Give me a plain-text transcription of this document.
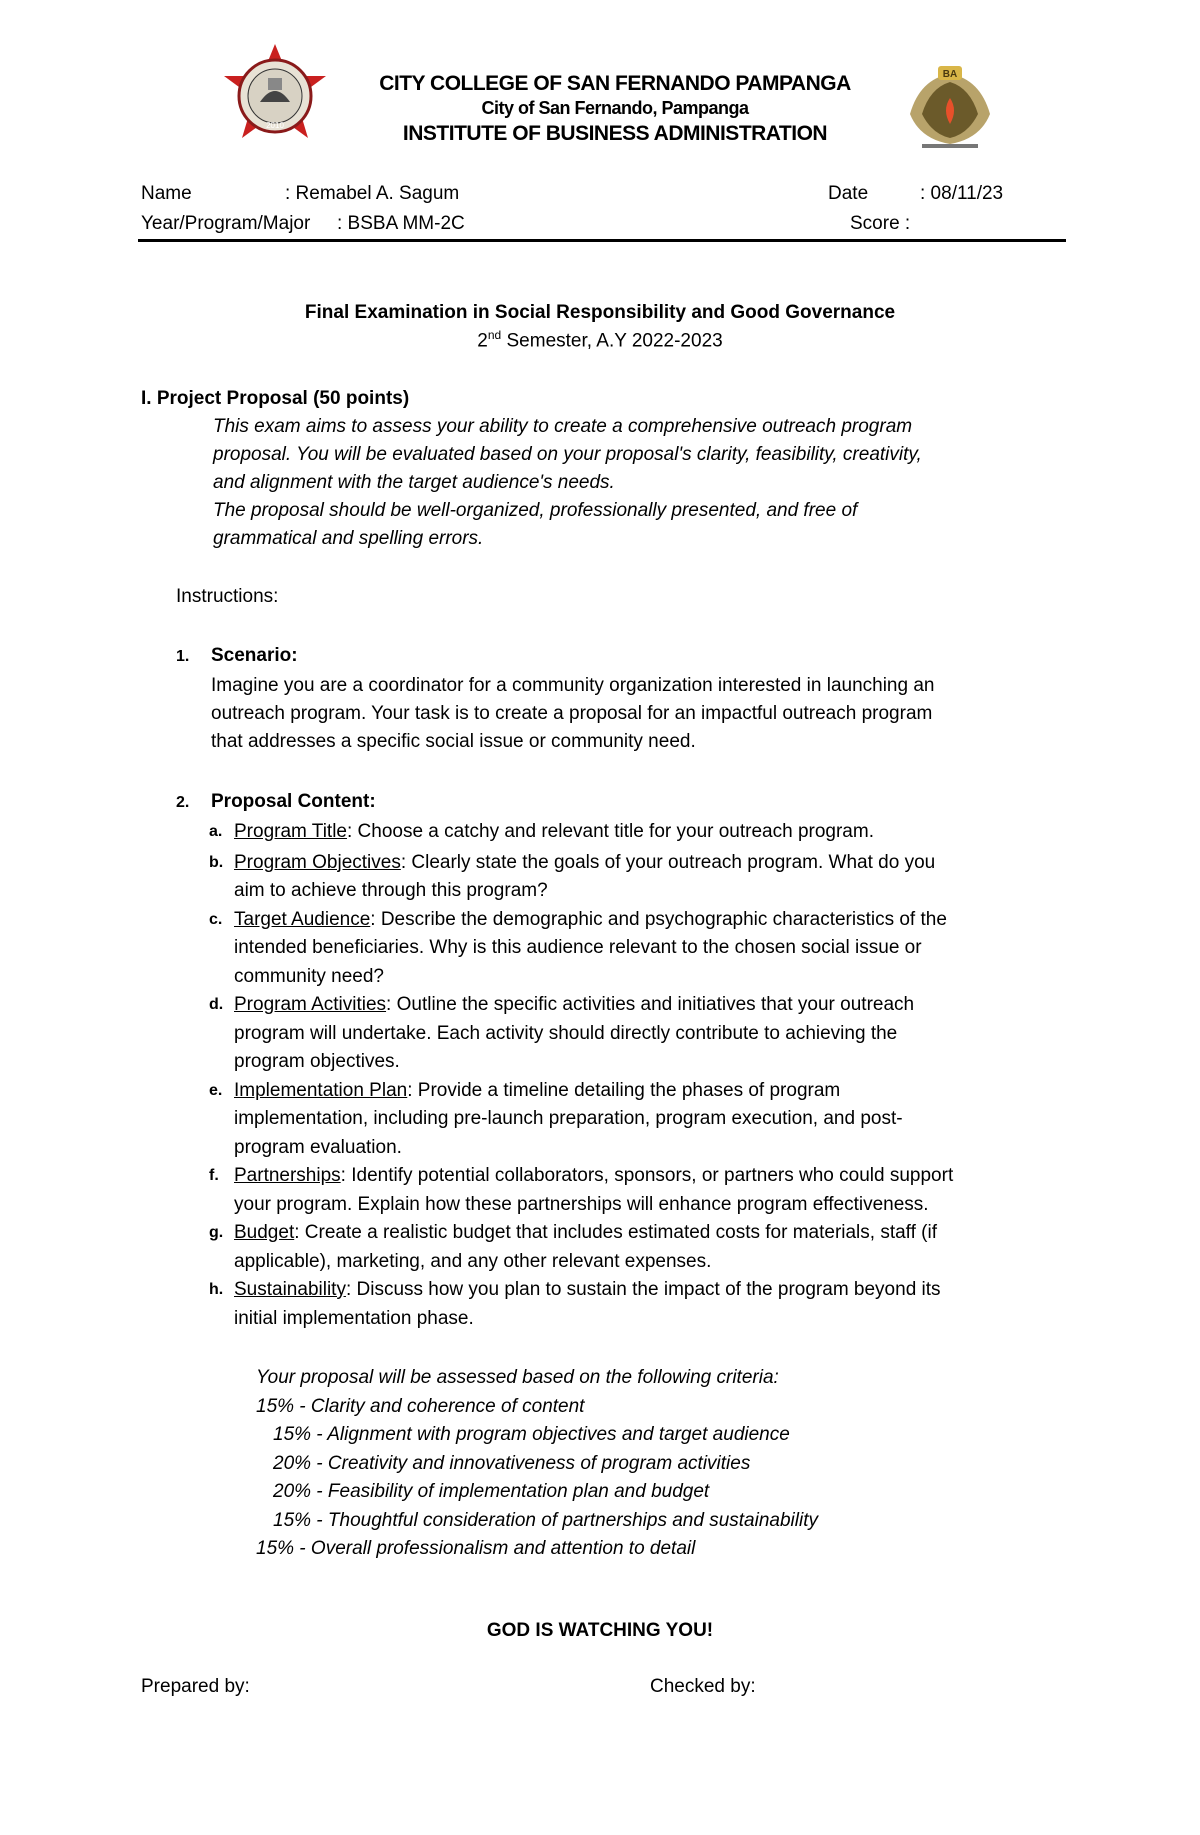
2010
CITY COLLEGE OF SAN FERNANDO PAMPANGA
City of San Fernando, Pampanga
INSTITUTE OF BUSINESS ADMINISTRATION
BA
Name	: Remabel A. Sagum	Date	: 08/11/23
Year/Program/Major : BSBA MM-2C	Score :
Final Examination in Social Responsibility and Good Governance
2nd Semester, A.Y 2022-2023
I. Project Proposal (50 points)
This exam aims to assess your ability to create a comprehensive outreach program
proposal. You will be evaluated based on your proposal's clarity, feasibility, creativity,
and alignment with the target audience's needs.
The proposal should be well-organized, professionally presented, and free of
grammatical and spelling errors.
Instructions:
1. Scenario:
Imagine you are a coordinator for a community organization interested in launching an
outreach program. Your task is to create a proposal for an impactful outreach program
that addresses a specific social issue or community need.
2. Proposal Content:
a. Program Title: Choose a catchy and relevant title for your outreach program.
b. Program Objectives: Clearly state the goals of your outreach program. What do you
aim to achieve through this program?
c. Target Audience: Describe the demographic and psychographic characteristics of the
intended beneficiaries. Why is this audience relevant to the chosen social issue or
community need?
d. Program Activities: Outline the specific activities and initiatives that your outreach
program will undertake. Each activity should directly contribute to achieving the
program objectives.
e. Implementation Plan: Provide a timeline detailing the phases of program
implementation, including pre-launch preparation, program execution, and post-
program evaluation.
f. Partnerships: Identify potential collaborators, sponsors, or partners who could support
your program. Explain how these partnerships will enhance program effectiveness.
g. Budget: Create a realistic budget that includes estimated costs for materials, staff (if
applicable), marketing, and any other relevant expenses.
h. Sustainability: Discuss how you plan to sustain the impact of the program beyond its
initial implementation phase.
Your proposal will be assessed based on the following criteria:
15% - Clarity and coherence of content
15% - Alignment with program objectives and target audience
20% - Creativity and innovativeness of program activities
20% - Feasibility of implementation plan and budget
15% - Thoughtful consideration of partnerships and sustainability
15% - Overall professionalism and attention to detail
GOD IS WATCHING YOU!
Prepared by:	Checked by:
